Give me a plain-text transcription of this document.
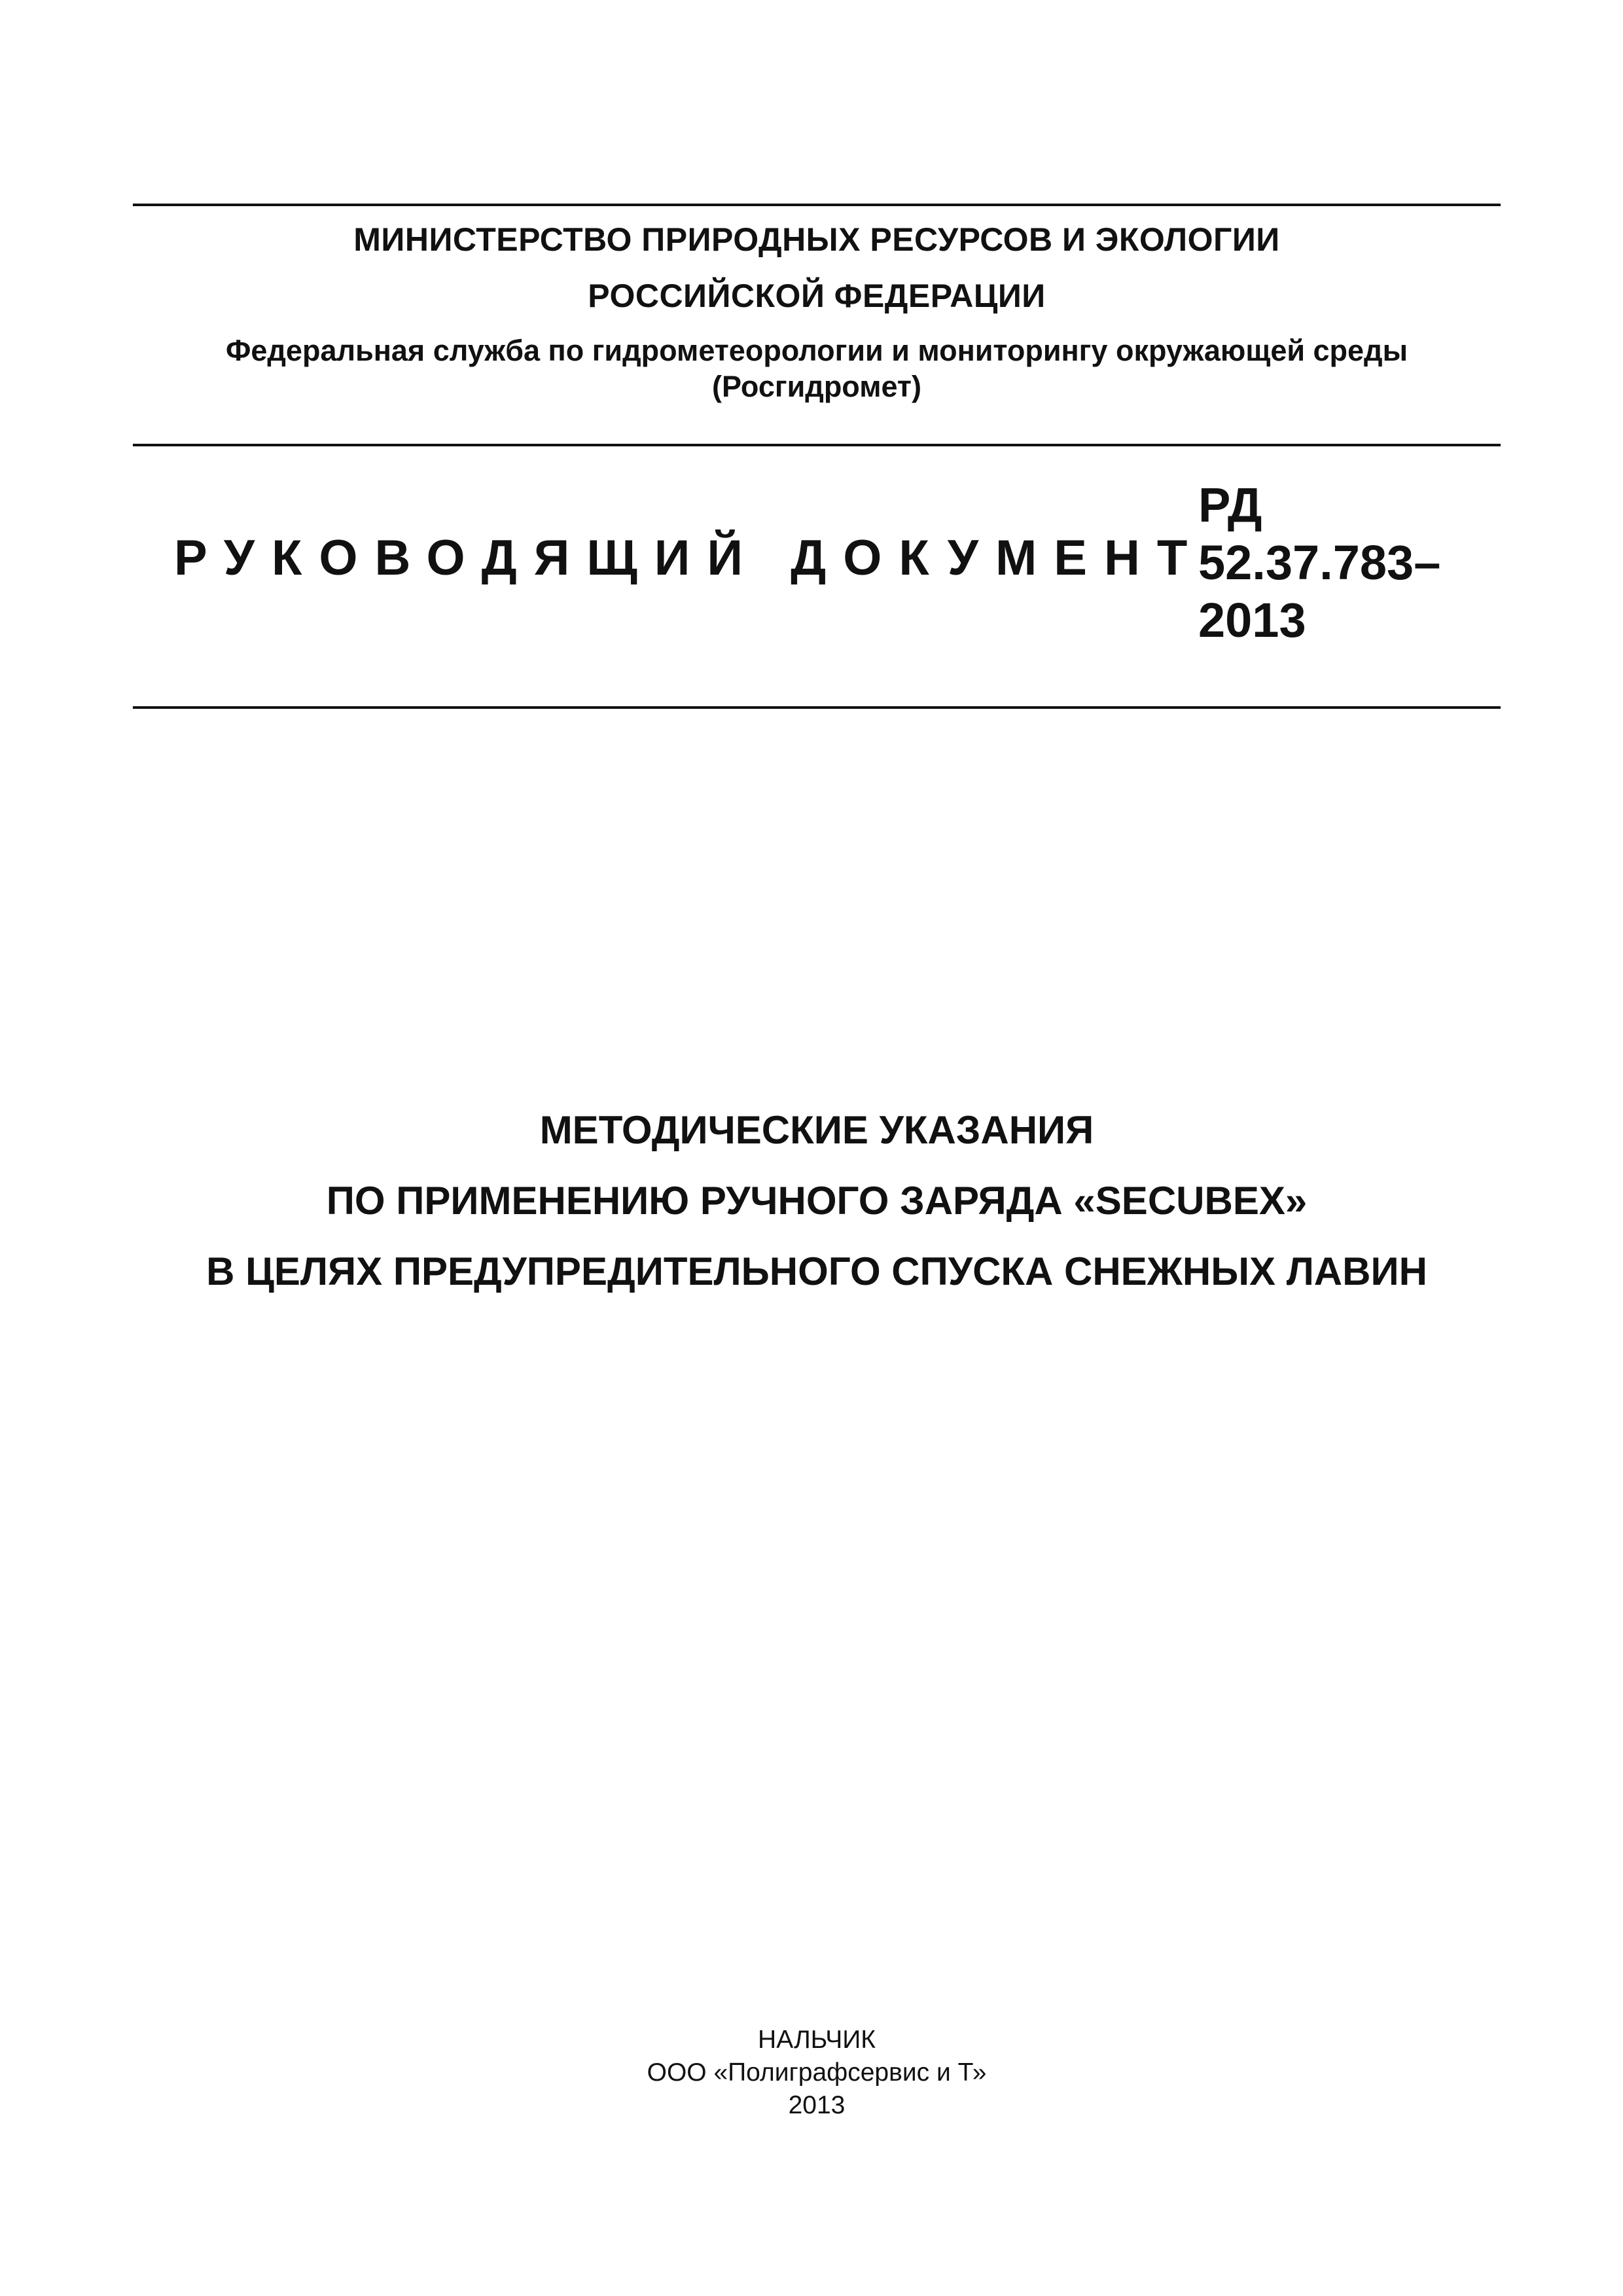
МИНИСТЕРСТВО ПРИРОДНЫХ РЕСУРСОВ И ЭКОЛОГИИ
РОССИЙСКОЙ ФЕДЕРАЦИИ
Федеральная служба по гидрометеорологии и мониторингу окружающей среды
(Росгидромет)
РУКОВОДЯЩИЙ ДОКУМЕНТ
РД
52.37.783–
2013
МЕТОДИЧЕСКИЕ УКАЗАНИЯ
ПО ПРИМЕНЕНИЮ РУЧНОГО ЗАРЯДА «SECUBEX»
В ЦЕЛЯХ ПРЕДУПРЕДИТЕЛЬНОГО СПУСКА СНЕЖНЫХ ЛАВИН
НАЛЬЧИК
ООО «Полиграфсервис и Т»
2013
